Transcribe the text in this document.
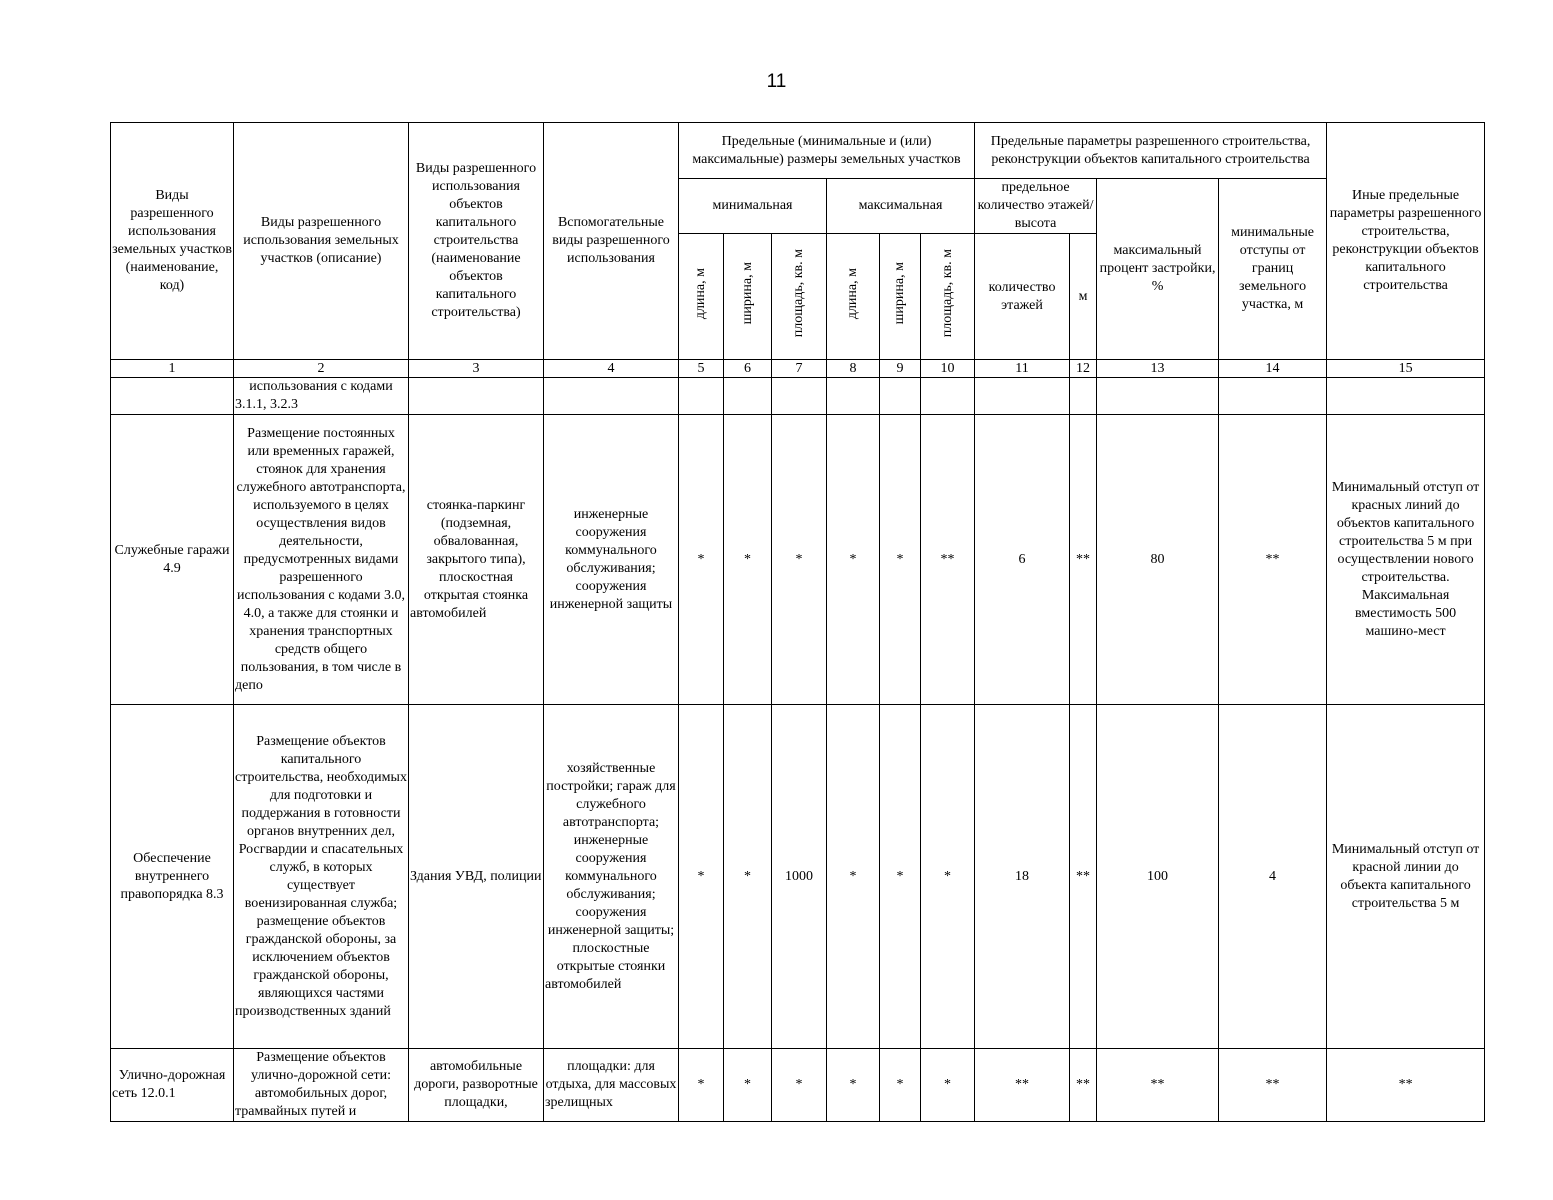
11
Виды разрешенного использования земельных участков (наименование, код)	Виды разрешенного использования земельных участков (описание)	Виды разрешенного использования объектов капитального строительства (наименование объектов капитального строительства)	Вспомогательные виды разрешенного использования	Предельные (минимальные и (или) максимальные) размеры земельных участков						Предельные параметры разрешенного строительства, реконструкции объектов капитального строительства				Иные предельные параметры разрешенного строительства, реконструкции объектов капитального строительства
				минимальная			максимальная			предельное количество этажей/высота		максимальный процент застройки, %	минимальные отступы от границ земельного участка, м	
				длина, м	ширина, м	площадь, кв. м	длина, м	ширина, м	площадь, кв. м	количество этажей	м			
1	2	3	4	5	6	7	8	9	10	11	12	13	14	15
	использования с кодами 3.1.1, 3.2.3													
Служебные гаражи 4.9	Размещение постоянных или временных гаражей, стоянок для хранения служебного автотранспорта, используемого в целях осуществления видов деятельности, предусмотренных видами разрешенного использования с кодами 3.0, 4.0, а также для стоянки и хранения транспортных средств общего пользования, в том числе в депо	стоянка-паркинг (подземная, обвалованная, закрытого типа), плоскостная открытая стоянка автомобилей	инженерные сооружения коммунального обслуживания; сооружения инженерной защиты	*	*	*	*	*	**	6	**	80	**	Минимальный отступ от красных линий до объектов капитального строительства 5 м при осуществлении нового строительства. Максимальная вместимость 500 машино-мест
Обеспечение внутреннего правопорядка 8.3	Размещение объектов капитального строительства, необходимых для подготовки и поддержания в готовности органов внутренних дел, Росгвардии и спасательных служб, в которых существует военизированная служба; размещение объектов гражданской обороны, за исключением объектов гражданской обороны, являющихся частями производственных зданий	Здания УВД, полиции	хозяйственные постройки; гараж для служебного автотранспорта; инженерные сооружения коммунального обслуживания; сооружения инженерной защиты; плоскостные открытые стоянки автомобилей	*	*	1000	*	*	*	18	**	100	4	Минимальный отступ от красной линии до объекта капитального строительства 5 м
Улично-дорожная сеть 12.0.1	Размещение объектов улично-дорожной сети: автомобильных дорог, трамвайных путей и	автомобильные дороги, разворотные площадки,	площадки: для отдыха, для массовых зрелищных	*	*	*	*	*	*	**	**	**	**	**
